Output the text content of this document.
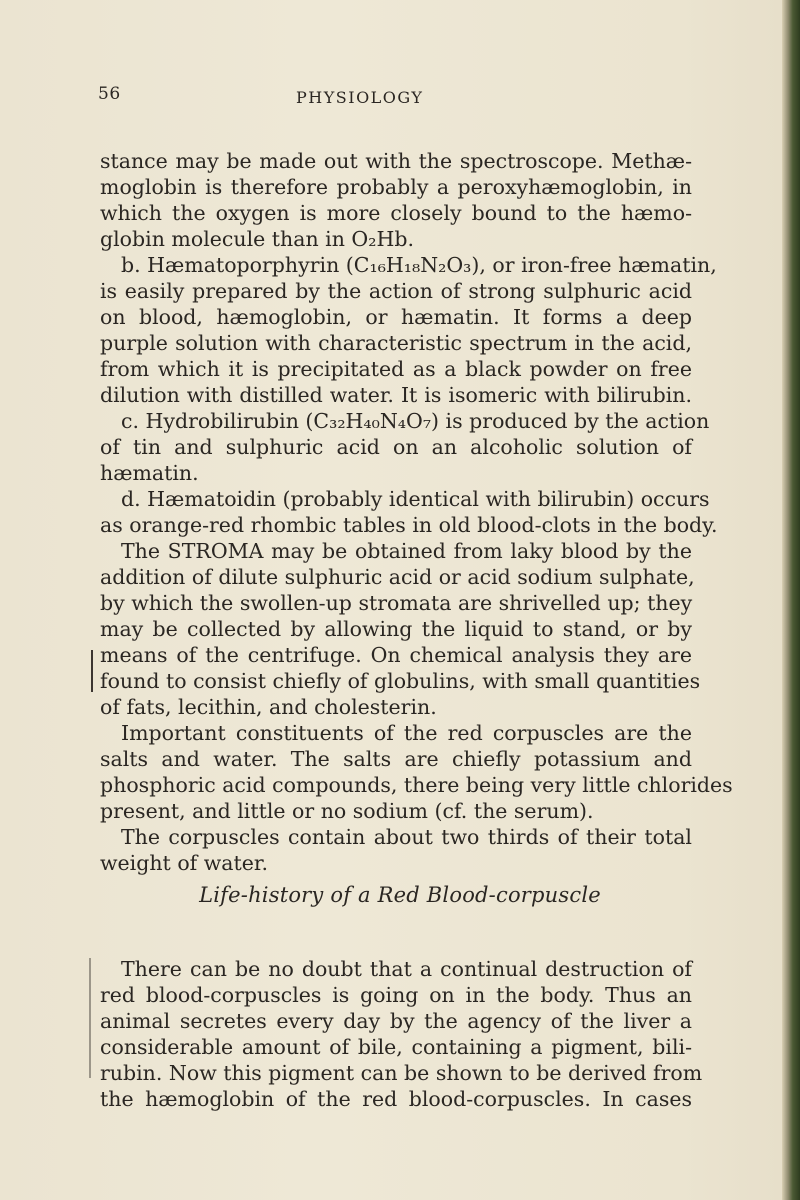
56	PHYSIOLOGY
stance may be made out with the spectroscope. Methæ-
moglobin is therefore probably a peroxyhæmoglobin, in
which the oxygen is more closely bound to the hæmo-
globin molecule than in O₂Hb.
b. Hæmatoporphyrin (C₁₆H₁₈N₂O₃), or iron-free hæmatin,
is easily prepared by the action of strong sulphuric acid
on blood, hæmoglobin, or hæmatin. It forms a deep
purple solution with characteristic spectrum in the acid,
from which it is precipitated as a black powder on free
dilution with distilled water. It is isomeric with bilirubin.
c. Hydrobilirubin (C₃₂H₄₀N₄O₇) is produced by the action
of tin and sulphuric acid on an alcoholic solution of
hæmatin.
d. Hæmatoidin (probably identical with bilirubin) occurs
as orange-red rhombic tables in old blood-clots in the body.
The STROMA may be obtained from laky blood by the
addition of dilute sulphuric acid or acid sodium sulphate,
by which the swollen-up stromata are shrivelled up; they
may be collected by allowing the liquid to stand, or by
means of the centrifuge. On chemical analysis they are
found to consist chiefly of globulins, with small quantities
of fats, lecithin, and cholesterin.
Important constituents of the red corpuscles are the
salts and water. The salts are chiefly potassium and
phosphoric acid compounds, there being very little chlorides
present, and little or no sodium (cf. the serum).
The corpuscles contain about two thirds of their total
weight of water.
Life-history of a Red Blood-corpuscle
There can be no doubt that a continual destruction of
red blood-corpuscles is going on in the body. Thus an
animal secretes every day by the agency of the liver a
considerable amount of bile, containing a pigment, bili-
rubin. Now this pigment can be shown to be derived from
the hæmoglobin of the red blood-corpuscles. In cases
